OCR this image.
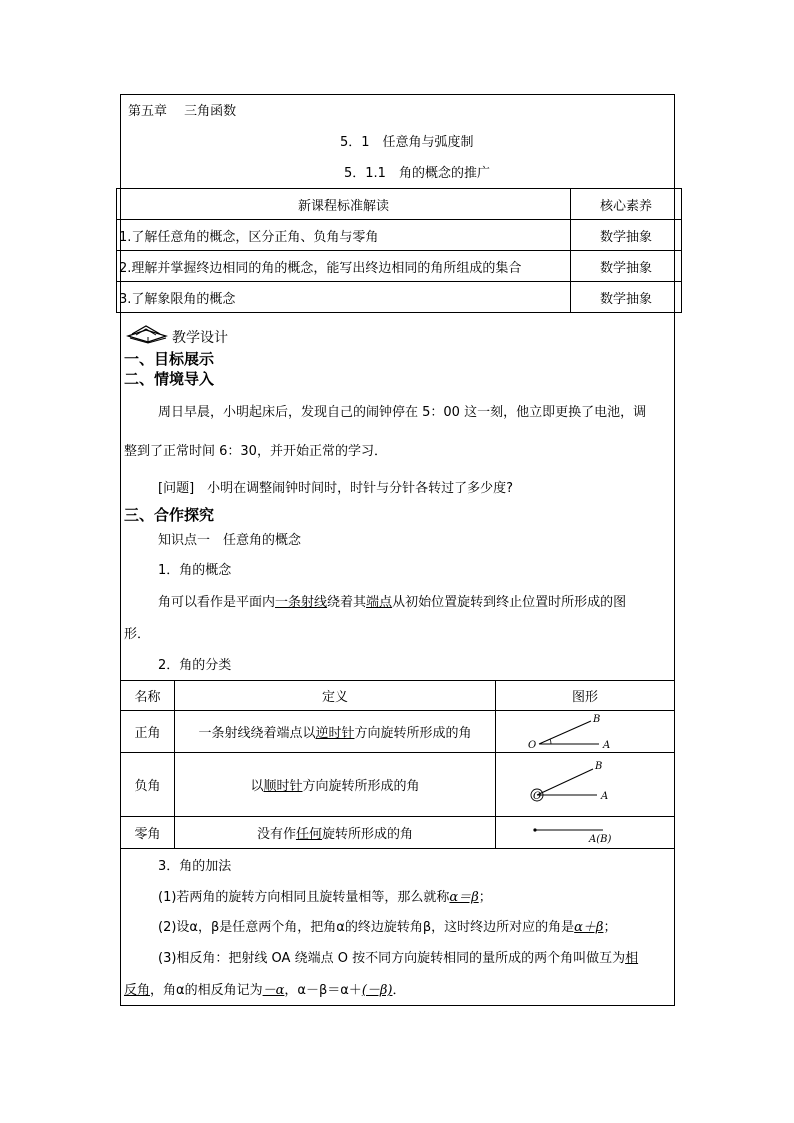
第五章　 三角函数
5．1　任意角与弧度制
5．1.1　角的概念的推广
新课程标准解读	核心素养
1.了解任意角的概念，区分正角、负角与零角	数学抽象
2.理解并掌握终边相同的角的概念，能写出终边相同的角所组成的集合	数学抽象
3.了解象限角的概念	数学抽象
教学设计
一、目标展示
二、情境导入
周日早晨，小明起床后，发现自己的闹钟停在 5：00 这一刻，他立即更换了电池，调
整到了正常时间 6：30，并开始正常的学习．
[问题]　 小明在调整闹钟时间时，时针与分针各转过了多少度?
三、合作探究
知识点一　任意角的概念
1．角的概念
角可以看作是平面内一条射线绕着其端点从初始位置旋转到终止位置时所形成的图
形．
2．角的分类
名称	定义	图形
正角	一条射线绕着端点以逆时针方向旋转所形成的角	O A
B

负角	以顺时针方向旋转所形成的角	O A
B

零角	没有作任何旋转所形成的角	A(B)
3．角的加法
(1)若两角的旋转方向相同且旋转量相等，那么就称α＝β；
(2)设α，β是任意两个角，把角α的终边旋转角β，这时终边所对应的角是α＋β；
(3)相反角：把射线 OA 绕端点 O 按不同方向旋转相同的量所成的两个角叫做互为相
反角，角α的相反角记为－α，α－β＝α＋(－β)．
